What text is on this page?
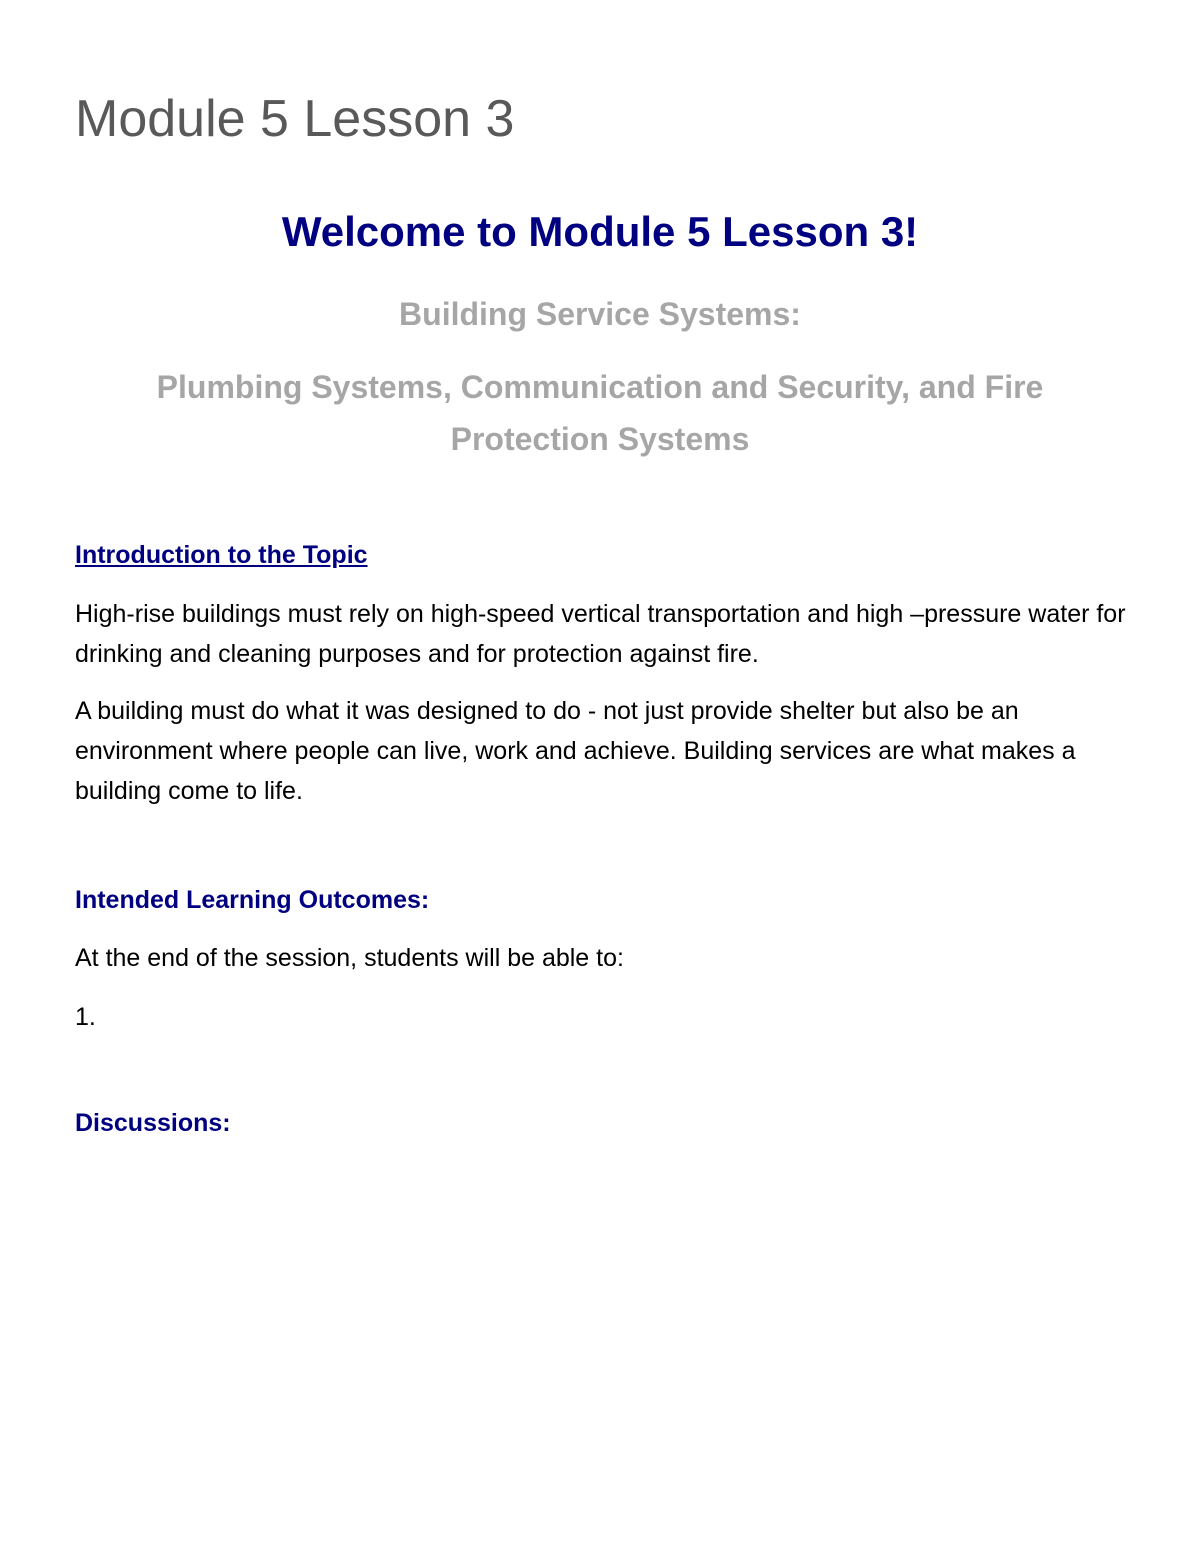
Module 5 Lesson 3
Welcome to Module 5 Lesson 3!

Building Service Systems:

Plumbing Systems, Communication and Security, and Fire Protection Systems

Introduction to the Topic

High-rise buildings must rely on high-speed vertical transportation and high –pressure water for drinking and cleaning purposes and for protection against fire.

A building must do what it was designed to do - not just provide shelter but also be an environment where people can live, work and achieve. Building services are what makes a building come to life.

Intended Learning Outcomes:

At the end of the session, students will be able to:

1.

Discussions:
